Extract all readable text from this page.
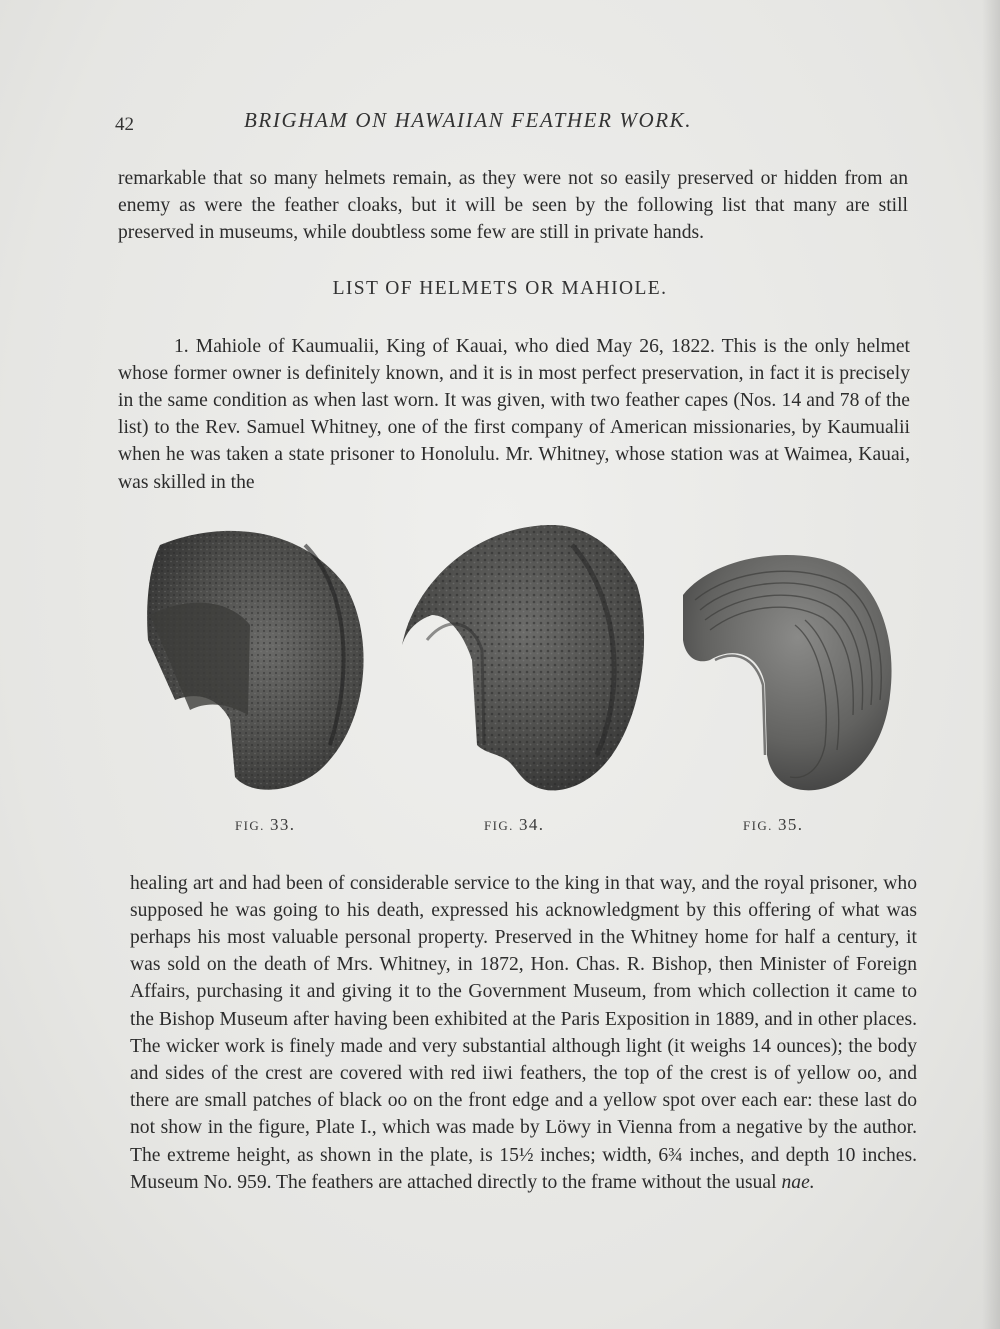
42	BRIGHAM ON HAWAIIAN FEATHER WORK.

remarkable that so many helmets remain, as they were not so easily preserved or hidden from an enemy as were the feather cloaks, but it will be seen by the following list that many are still preserved in museums, while doubtless some few are still in private hands.

LIST OF HELMETS OR MAHIOLE.

1. Mahiole of Kaumualii, King of Kauai, who died May 26, 1822. This is the only helmet whose former owner is definitely known, and it is in most perfect preservation, in fact it is precisely in the same condition as when last worn. It was given, with two feather capes (Nos. 14 and 78 of the list) to the Rev. Samuel Whitney, one of the first company of American missionaries, by Kaumualii when he was taken a state prisoner to Honolulu. Mr. Whitney, whose station was at Waimea, Kauai, was skilled in the

FIG. 33.	FIG. 34.	FIG. 35.

healing art and had been of considerable service to the king in that way, and the royal prisoner, who supposed he was going to his death, expressed his acknowledgment by this offering of what was perhaps his most valuable personal property. Preserved in the Whitney home for half a century, it was sold on the death of Mrs. Whitney, in 1872, Hon. Chas. R. Bishop, then Minister of Foreign Affairs, purchasing it and giving it to the Government Museum, from which collection it came to the Bishop Museum after having been exhibited at the Paris Exposition in 1889, and in other places. The wicker work is finely made and very substantial although light (it weighs 14 ounces); the body and sides of the crest are covered with red iiwi feathers, the top of the crest is of yellow oo, and there are small patches of black oo on the front edge and a yellow spot over each ear: these last do not show in the figure, Plate I., which was made by Löwy in Vienna from a negative by the author. The extreme height, as shown in the plate, is 15½ inches; width, 6¾ inches, and depth 10 inches. Museum No. 959. The feathers are attached directly to the frame without the usual nae.
